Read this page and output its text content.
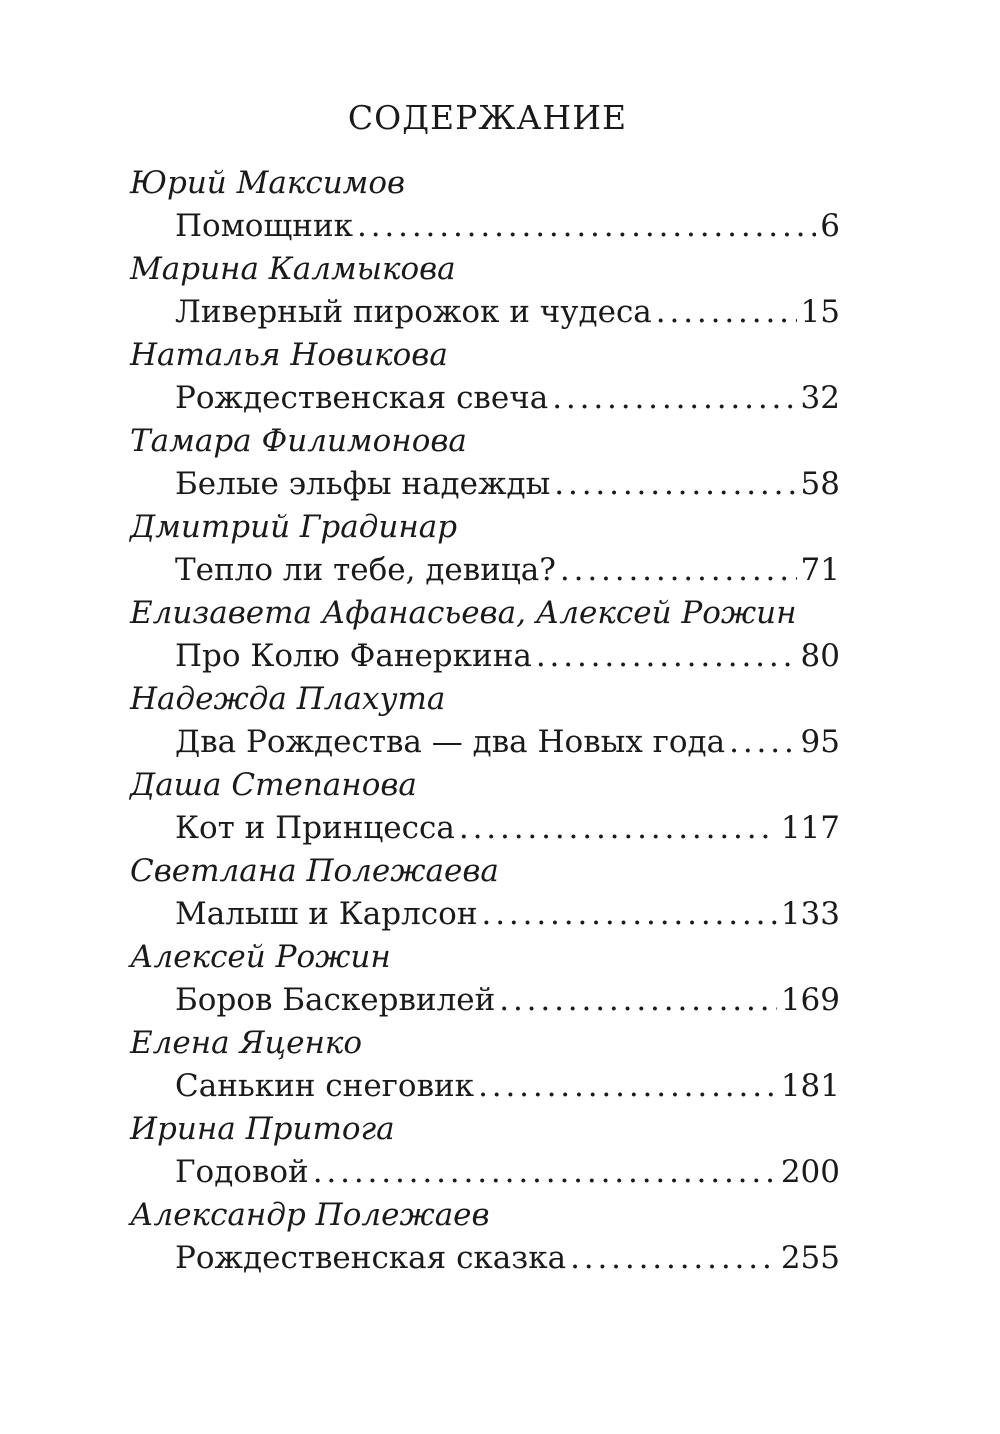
СОДЕРЖАНИЕ
Юрий Максимов
Помощник . . .	6
Марина Калмыкова
Ливерный пирожок и чудеса . . .	15
Наталья Новикова
Рождественская свеча . . .	32
Тамара Филимонова
Белые эльфы надежды . . .	58
Дмитрий Градинар
Тепло ли тебе, девица? . . .	71
Елизавета Афанасьева, Алексей Рожин
Про Колю Фанеркина . . .	80
Надежда Плахута
Два Рождества — два Новых года . . . 95
Даша Степанова
Кот и Принцесса . . .	117
Светлана Полежаева
Малыш и Карлсон . . .	133
Алексей Рожин
Боров Баскервилей . . .	169
Елена Яценко
Санькин снеговик . . .	181
Ирина Притога
Годовой . . .	200
Александр Полежаев
Рождественская сказка . . .	255
